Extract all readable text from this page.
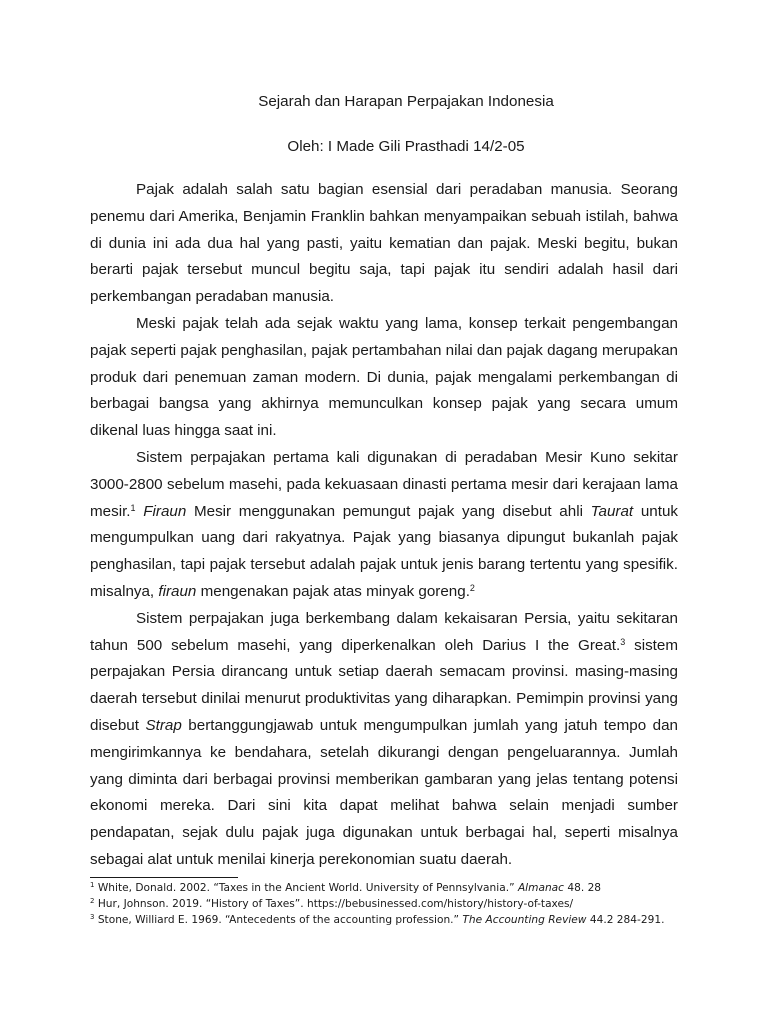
Sejarah dan Harapan Perpajakan Indonesia
Oleh: I Made Gili Prasthadi 14/2-05

Pajak adalah salah satu bagian esensial dari peradaban manusia. Seorang penemu dari Amerika, Benjamin Franklin bahkan menyampaikan sebuah istilah, bahwa di dunia ini ada dua hal yang pasti, yaitu kematian dan pajak. Meski begitu, bukan berarti pajak tersebut muncul begitu saja, tapi pajak itu sendiri adalah hasil dari perkembangan peradaban manusia.

Meski pajak telah ada sejak waktu yang lama, konsep terkait pengembangan pajak seperti pajak penghasilan, pajak pertambahan nilai dan pajak dagang merupakan produk dari penemuan zaman modern. Di dunia, pajak mengalami perkembangan di berbagai bangsa yang akhirnya memunculkan konsep pajak yang secara umum dikenal luas hingga saat ini.

Sistem perpajakan pertama kali digunakan di peradaban Mesir Kuno sekitar 3000-2800 sebelum masehi, pada kekuasaan dinasti pertama mesir dari kerajaan lama mesir.$^1$ Firaun Mesir menggunakan pemungut pajak yang disebut ahli Taurat untuk mengumpulkan uang dari rakyatnya. Pajak yang biasanya dipungut bukanlah pajak penghasilan, tapi pajak tersebut adalah pajak untuk jenis barang tertentu yang spesifik. misalnya, firaun mengenakan pajak atas minyak goreng.$^2$

Sistem perpajakan juga berkembang dalam kekaisaran Persia, yaitu sekitaran tahun 500 sebelum masehi, yang diperkenalkan oleh Darius I the Great.$^3$ sistem perpajakan Persia dirancang untuk setiap daerah semacam provinsi. masing-masing daerah tersebut dinilai menurut produktivitas yang diharapkan. Pemimpin provinsi yang disebut Strap bertanggungjawab untuk mengumpulkan jumlah yang jatuh tempo dan mengirimkannya ke bendahara, setelah dikurangi dengan pengeluarannya. Jumlah yang diminta dari berbagai provinsi memberikan gambaran yang jelas tentang potensi ekonomi mereka. Dari sini kita dapat melihat bahwa selain menjadi sumber pendapatan, sejak dulu pajak juga digunakan untuk berbagai hal, seperti misalnya sebagai alat untuk menilai kinerja perekonomian suatu daerah.

$^1$ White, Donald. 2002. “Taxes in the Ancient World. University of Pennsylvania.” Almanac 48. 28
$^2$ Hur, Johnson. 2019. “History of Taxes”. https://bebusinessed.com/history/history-of-taxes/
$^3$ Stone, Williard E. 1969. “Antecedents of the accounting profession.” The Accounting Review 44.2 284-291.
